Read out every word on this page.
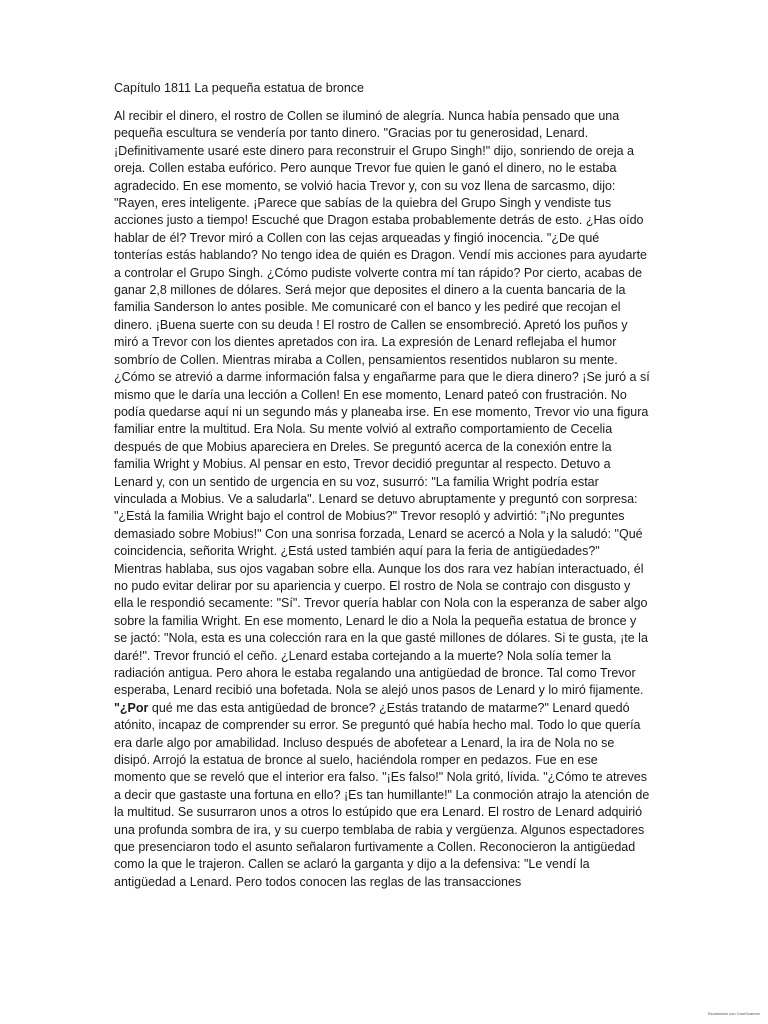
Capítulo 1811 La pequeña estatua de bronce

Al recibir el dinero, el rostro de Collen se iluminó de alegría. Nunca había pensado que una pequeña escultura se vendería por tanto dinero. "Gracias por tu generosidad, Lenard. ¡Definitivamente usaré este dinero para reconstruir el Grupo Singh!" dijo, sonriendo de oreja a oreja. Collen estaba eufórico. Pero aunque Trevor fue quien le ganó el dinero, no le estaba agradecido. En ese momento, se volvió hacia Trevor y, con su voz llena de sarcasmo, dijo: "Rayen, eres inteligente. ¡Parece que sabías de la quiebra del Grupo Singh y vendiste tus acciones justo a tiempo! Escuché que Dragon estaba probablemente detrás de esto. ¿Has oído hablar de él? Trevor miró a Collen con las cejas arqueadas y fingió inocencia. "¿De qué tonterías estás hablando? No tengo idea de quién es Dragon. Vendí mis acciones para ayudarte a controlar el Grupo Singh. ¿Cómo pudiste volverte contra mí tan rápido? Por cierto, acabas de ganar 2,8 millones de dólares. Será mejor que deposites el dinero a la cuenta bancaria de la familia Sanderson lo antes posible. Me comunicaré con el banco y les pediré que recojan el dinero. ¡Buena suerte con su deuda ! El rostro de Callen se ensombreció. Apretó los puños y miró a Trevor con los dientes apretados con ira. La expresión de Lenard reflejaba el humor sombrío de Collen. Mientras miraba a Collen, pensamientos resentidos nublaron su mente. ¿Cómo se atrevió a darme información falsa y engañarme para que le diera dinero? ¡Se juró a sí mismo que le daría una lección a Collen! En ese momento, Lenard pateó con frustración. No podía quedarse aquí ni un segundo más y planeaba irse. En ese momento, Trevor vio una figura familiar entre la multitud. Era Nola. Su mente volvió al extraño comportamiento de Cecelia después de que Mobius apareciera en Dreles. Se preguntó acerca de la conexión entre la familia Wright y Mobius. Al pensar en esto, Trevor decidió preguntar al respecto. Detuvo a Lenard y, con un sentido de urgencia en su voz, susurró: "La familia Wright podría estar vinculada a Mobius. Ve a saludarla". Lenard se detuvo abruptamente y preguntó con sorpresa: "¿Está la familia Wright bajo el control de Mobius?" Trevor resopló y advirtió: "¡No preguntes demasiado sobre Mobius!" Con una sonrisa forzada, Lenard se acercó a Nola y la saludó: "Qué coincidencia, señorita Wright. ¿Está usted también aquí para la feria de antigüedades?" Mientras hablaba, sus ojos vagaban sobre ella. Aunque los dos rara vez habían interactuado, él no pudo evitar delirar por su apariencia y cuerpo. El rostro de Nola se contrajo con disgusto y ella le respondió secamente: "Sí". Trevor quería hablar con Nola con la esperanza de saber algo sobre la familia Wright. En ese momento, Lenard le dio a Nola la pequeña estatua de bronce y se jactó: "Nola, esta es una colección rara en la que gasté millones de dólares. Si te gusta, ¡te la daré!". Trevor frunció el ceño. ¿Lenard estaba cortejando a la muerte? Nola solía temer la radiación antigua. Pero ahora le estaba regalando una antigüedad de bronce. Tal como Trevor esperaba, Lenard recibió una bofetada. Nola se alejó unos pasos de Lenard y lo miró fijamente. "¿Por qué me das esta antigüedad de bronce? ¿Estás tratando de matarme?" Lenard quedó atónito, incapaz de comprender su error. Se preguntó qué había hecho mal. Todo lo que quería era darle algo por amabilidad. Incluso después de abofetear a Lenard, la ira de Nola no se disipó. Arrojó la estatua de bronce al suelo, haciéndola romper en pedazos. Fue en ese momento que se reveló que el interior era falso. "¡Es falso!" Nola gritó, lívida. "¿Cómo te atreves a decir que gastaste una fortuna en ello? ¡Es tan humillante!" La conmoción atrajo la atención de la multitud. Se susurraron unos a otros lo estúpido que era Lenard. El rostro de Lenard adquirió una profunda sombra de ira, y su cuerpo temblaba de rabia y vergüenza. Algunos espectadores que presenciaron todo el asunto señalaron furtivamente a Collen. Reconocieron la antigüedad como la que le trajeron. Callen se aclaró la garganta y dijo a la defensiva: "Le vendí la antigüedad a Lenard. Pero todos conocen las reglas de las transacciones

Escaneado con CamScanner
